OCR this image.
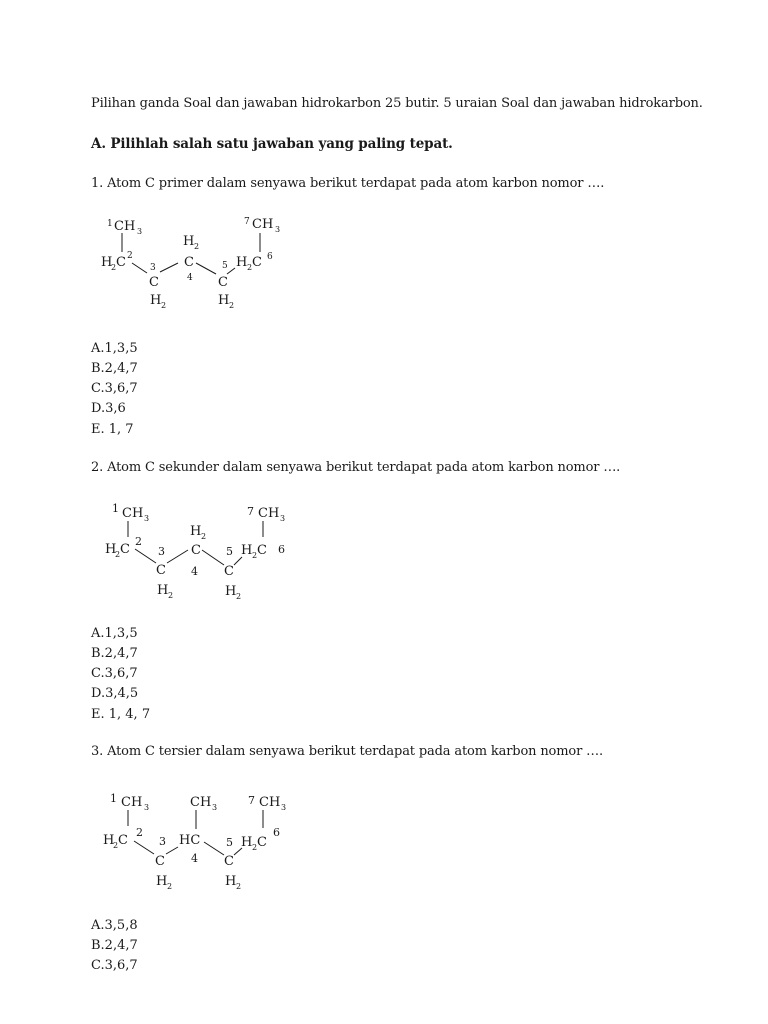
Pilihan ganda Soal dan jawaban hidrokarbon 25 butir. 5 uraian Soal dan jawaban hidrokarbon.
A. Pilihlah salah satu jawaban yang paling tepat.
1. Atom C primer dalam senyawa berikut terdapat pada atom karbon nomor ….
1 CH 3
H
2 C 2
3
C
H 2
H 2
C
4 C
5
H 2
H 2 C 6
7 CH 3
A.1,3,5
B.2,4,7
C.3,6,7
D.3,6
E. 1, 7
2. Atom C sekunder dalam senyawa berikut terdapat pada atom karbon nomor ….
1 CH 3
H
2 C
2
3
C
H 2
H 2
C
4 C
5
H 2
H 2 C 6
7 CH 3
A.1,3,5
B.2,4,7
C.3,6,7
D.3,4,5
E. 1, 4, 7
3. Atom C tersier dalam senyawa berikut terdapat pada atom karbon nomor ….
1 CH 3
H
2 C
2
3
C
H 2
CH 3
HC
4 C
5
H 2
H 2 C
6
7 CH 3
A.3,5,8
B.2,4,7
C.3,6,7
